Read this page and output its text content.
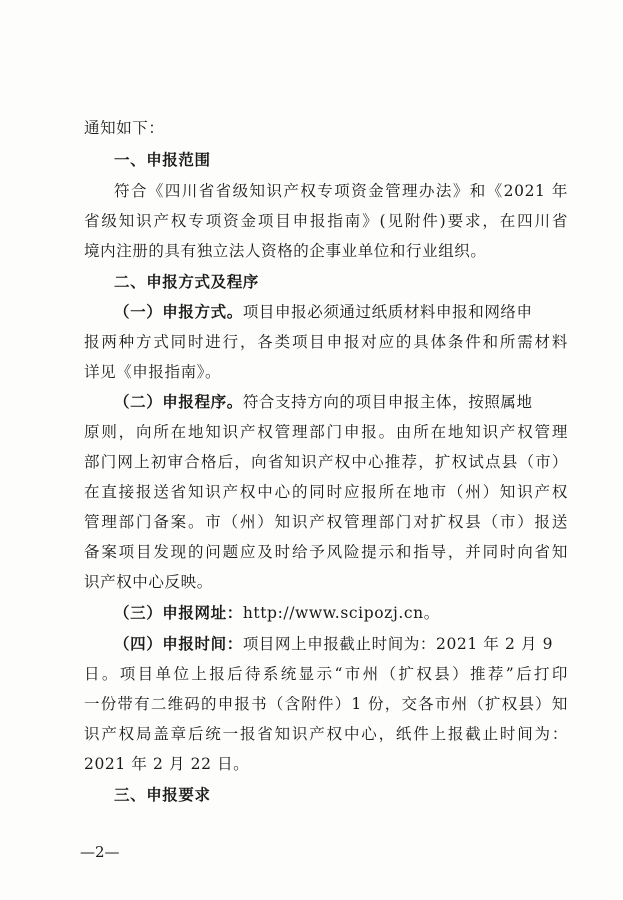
通知如下：
一、申报范围
符合《四川省省级知识产权专项资金管理办法》和《2021 年
省级知识产权专项资金项目申报指南》(见附件)要求，在四川省
境内注册的具有独立法人资格的企事业单位和行业组织。
二、申报方式及程序
（一）申报方式。项目申报必须通过纸质材料申报和网络申
报两种方式同时进行，各类项目申报对应的具体条件和所需材料
详见《申报指南》。
（二）申报程序。符合支持方向的项目申报主体，按照属地
原则，向所在地知识产权管理部门申报。由所在地知识产权管理
部门网上初审合格后，向省知识产权中心推荐，扩权试点县（市）
在直接报送省知识产权中心的同时应报所在地市（州）知识产权
管理部门备案。市（州）知识产权管理部门对扩权县（市）报送
备案项目发现的问题应及时给予风险提示和指导，并同时向省知
识产权中心反映。
（三）申报网址：http://www.scipozj.cn。
（四）申报时间：项目网上申报截止时间为：2021 年 2 月 9
日。项目单位上报后待系统显示“市州（扩权县）推荐”后打印
一份带有二维码的申报书（含附件）1 份，交各市州（扩权县）知
识产权局盖章后统一报省知识产权中心，纸件上报截止时间为：
2021 年 2 月 22 日。
三、申报要求
—2—
